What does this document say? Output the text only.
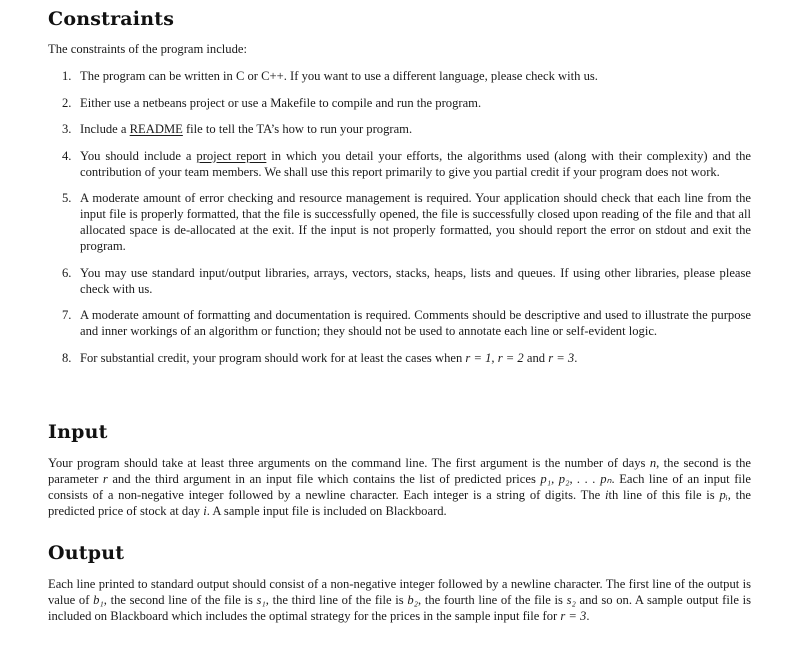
Constraints

The constraints of the program include:

1. The program can be written in C or C++. If you want to use a different language, please check with us.
2. Either use a netbeans project or use a Makefile to compile and run the program.
3. Include a README file to tell the TA’s how to run your program.
4. You should include a project report in which you detail your efforts, the algorithms used (along with their complexity) and the contribution of your team members. We shall use this report primarily to give you partial credit if your program does not work.
5. A moderate amount of error checking and resource management is required. Your application should check that each line from the input file is properly formatted, that the file is successfully opened, the file is successfully closed upon reading of the file and that all allocated space is de-allocated at the exit. If the input is not properly formatted, you should report the error on stdout and exit the program.
6. You may use standard input/output libraries, arrays, vectors, stacks, heaps, lists and queues. If using other libraries, please please check with us.
7. A moderate amount of formatting and documentation is required. Comments should be descriptive and used to illustrate the purpose and inner workings of an algorithm or function; they should not be used to annotate each line or self-evident logic.
8. For substantial credit, your program should work for at least the cases when r = 1, r = 2 and r = 3.
Input

Your program should take at least three arguments on the command line. The first argument is the number of days n, the second is the parameter r and the third argument in an input file which contains the list of predicted prices p₁, p₂, . . . pₙ. Each line of an input file consists of a non-negative integer followed by a newline character. Each integer is a string of digits. The ith line of this file is pᵢ, the predicted price of stock at day i. A sample input file is included on Blackboard.

Output

Each line printed to standard output should consist of a non-negative integer followed by a newline character. The first line of the output is value of b₁, the second line of the file is s₁, the third line of the file is b₂, the fourth line of the file is s₂ and so on. A sample output file is included on Blackboard which includes the optimal strategy for the prices in the sample input file for r = 3.
